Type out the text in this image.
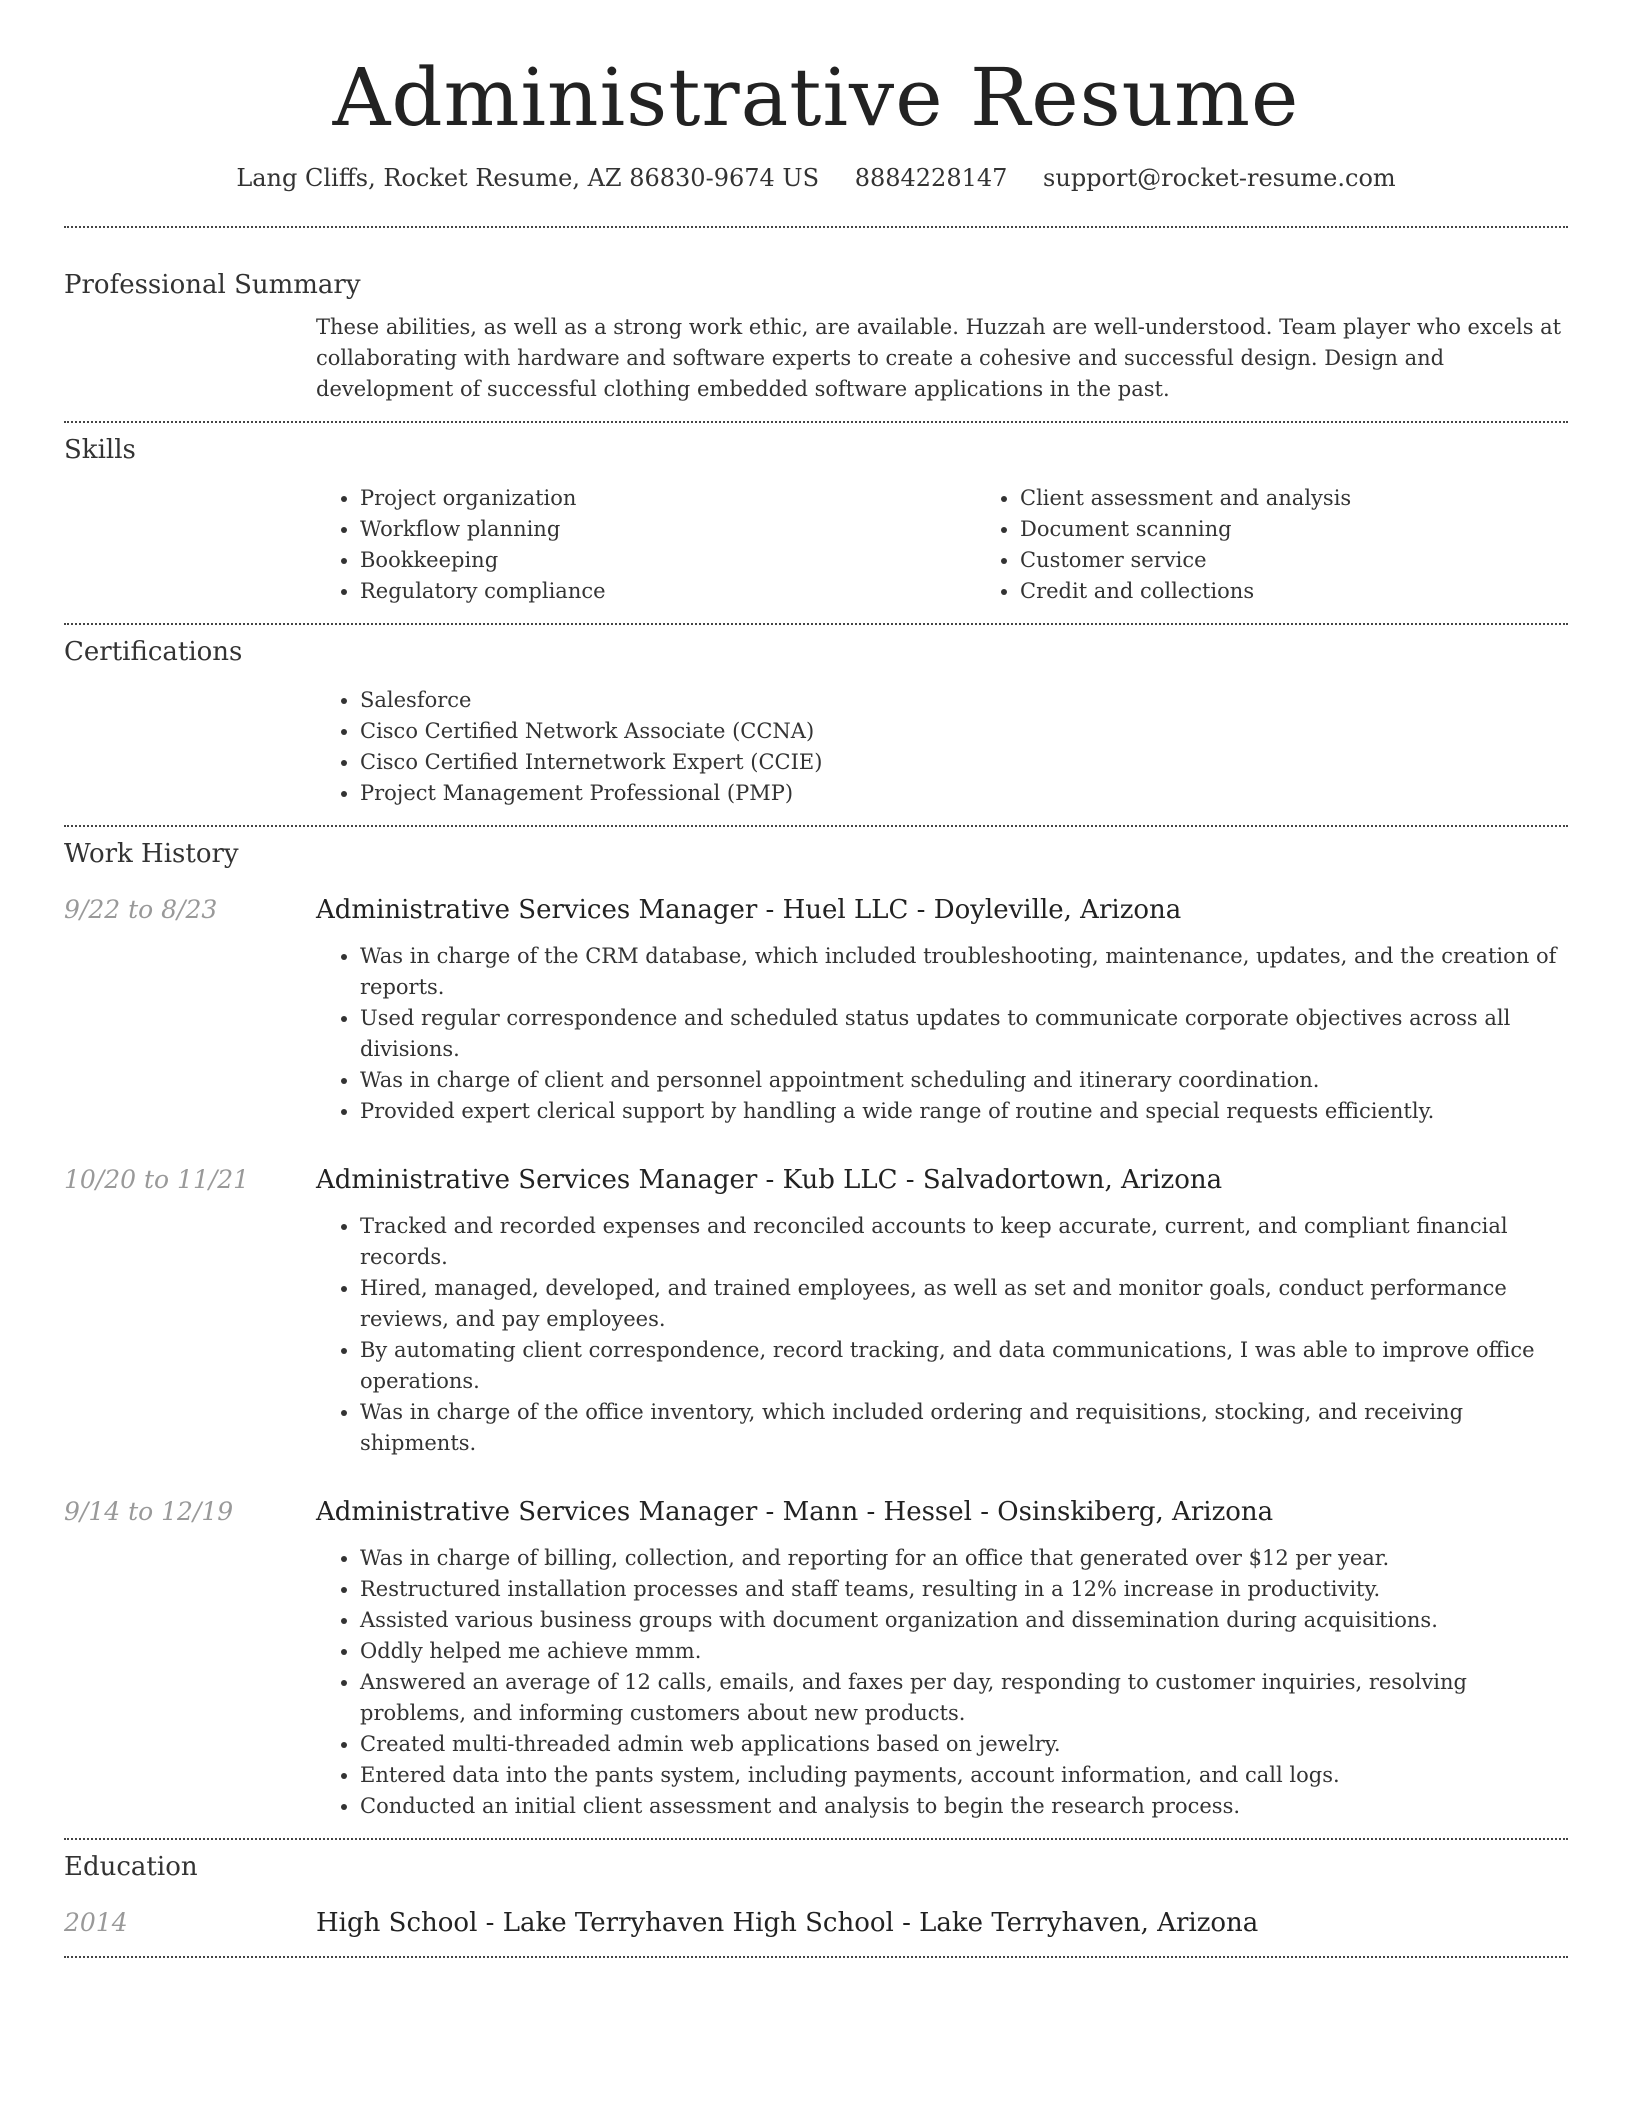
Administrative Resume
Lang Cliffs, Rocket Resume, AZ 86830-9674 US 8884228147 support@rocket-resume.com
Professional Summary

These abilities, as well as a strong work ethic, are available. Huzzah are well-understood. Team player who excels at collaborating with hardware and software experts to create a cohesive and successful design. Design and development of successful clothing embedded software applications in the past.

Skills
• Project organization
• Workflow planning
• Bookkeeping
• Regulatory compliance
• Client assessment and analysis
• Document scanning
• Customer service
• Credit and collections
Certifications
• Salesforce
• Cisco Certified Network Associate (CCNA)
• Cisco Certified Internetwork Expert (CCIE)
• Project Management Professional (PMP)
Work History
9/22 to 8/23	Administrative Services Manager - Huel LLC - Doyleville, Arizona
• Was in charge of the CRM database, which included troubleshooting, maintenance, updates, and the creation of reports.
• Used regular correspondence and scheduled status updates to communicate corporate objectives across all divisions.
• Was in charge of client and personnel appointment scheduling and itinerary coordination.
• Provided expert clerical support by handling a wide range of routine and special requests efficiently.
10/20 to 11/21	Administrative Services Manager - Kub LLC - Salvadortown, Arizona
• Tracked and recorded expenses and reconciled accounts to keep accurate, current, and compliant financial records.
• Hired, managed, developed, and trained employees, as well as set and monitor goals, conduct performance reviews, and pay employees.
• By automating client correspondence, record tracking, and data communications, I was able to improve office operations.
• Was in charge of the office inventory, which included ordering and requisitions, stocking, and receiving shipments.
9/14 to 12/19	Administrative Services Manager - Mann - Hessel - Osinskiberg, Arizona
• Was in charge of billing, collection, and reporting for an office that generated over $12 per year.
• Restructured installation processes and staff teams, resulting in a 12% increase in productivity.
• Assisted various business groups with document organization and dissemination during acquisitions.
• Oddly helped me achieve mmm.
• Answered an average of 12 calls, emails, and faxes per day, responding to customer inquiries, resolving problems, and informing customers about new products.
• Created multi-threaded admin web applications based on jewelry.
• Entered data into the pants system, including payments, account information, and call logs.
• Conducted an initial client assessment and analysis to begin the research process.
Education
2014	High School - Lake Terryhaven High School - Lake Terryhaven, Arizona
